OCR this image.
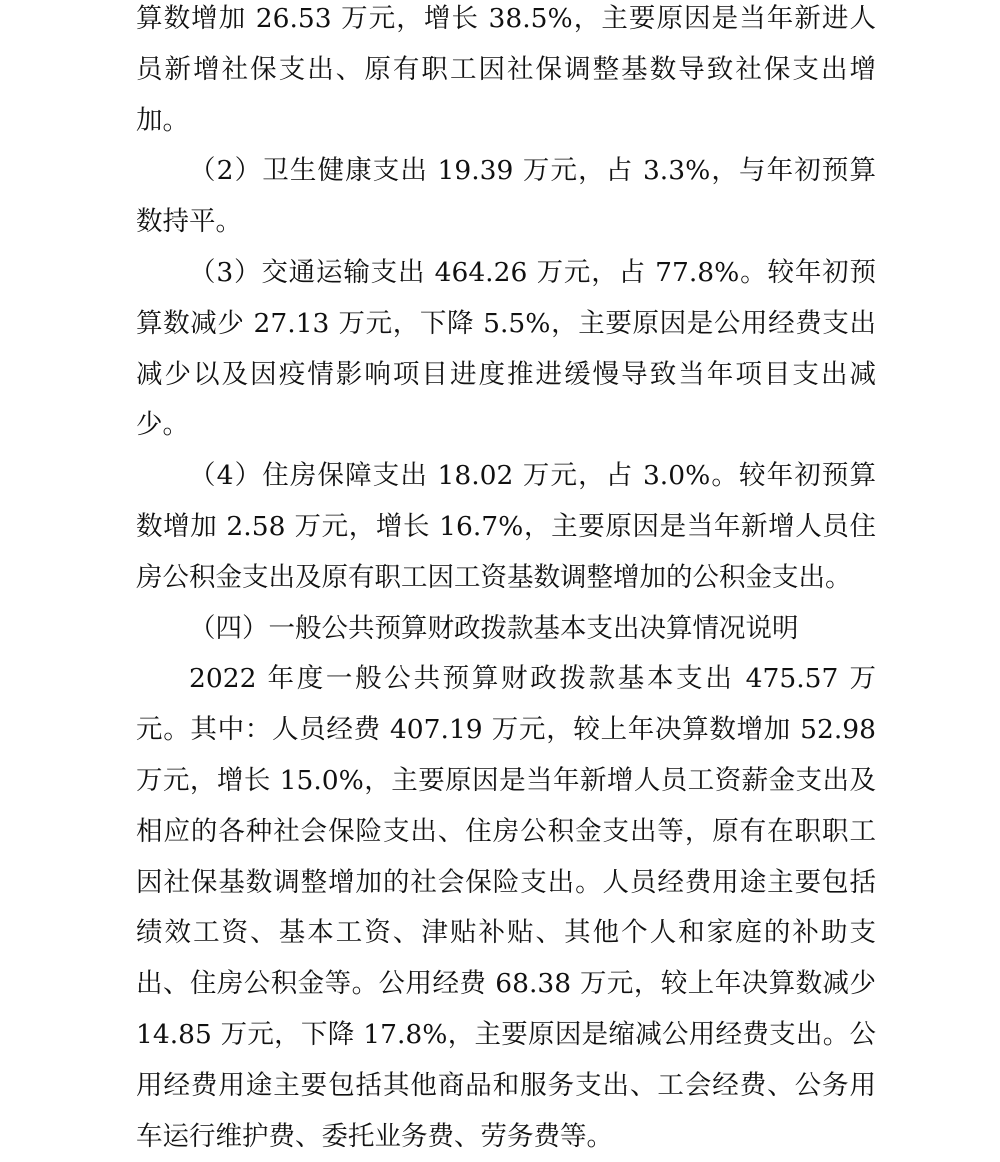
算数增加 26.53 万元，增长 38.5%，主要原因是当年新进人员新增社保支出、原有职工因社保调整基数导致社保支出增加。

（2）卫生健康支出 19.39 万元，占 3.3%，与年初预算数持平。

（3）交通运输支出 464.26 万元，占 77.8%。较年初预算数减少 27.13 万元，下降 5.5%，主要原因是公用经费支出减少以及因疫情影响项目进度推进缓慢导致当年项目支出减少。

（4）住房保障支出 18.02 万元，占 3.0%。较年初预算数增加 2.58 万元，增长 16.7%，主要原因是当年新增人员住房公积金支出及原有职工因工资基数调整增加的公积金支出。

（四）一般公共预算财政拨款基本支出决算情况说明

2022 年度一般公共预算财政拨款基本支出 475.57 万元。其中：人员经费 407.19 万元，较上年决算数增加 52.98 万元，增长 15.0%，主要原因是当年新增人员工资薪金支出及相应的各种社会保险支出、住房公积金支出等，原有在职职工因社保基数调整增加的社会保险支出。人员经费用途主要包括绩效工资、基本工资、津贴补贴、其他个人和家庭的补助支出、住房公积金等。公用经费 68.38 万元，较上年决算数减少 14.85 万元，下降 17.8%，主要原因是缩减公用经费支出。公用经费用途主要包括其他商品和服务支出、工会经费、公务用车运行维护费、委托业务费、劳务费等。
